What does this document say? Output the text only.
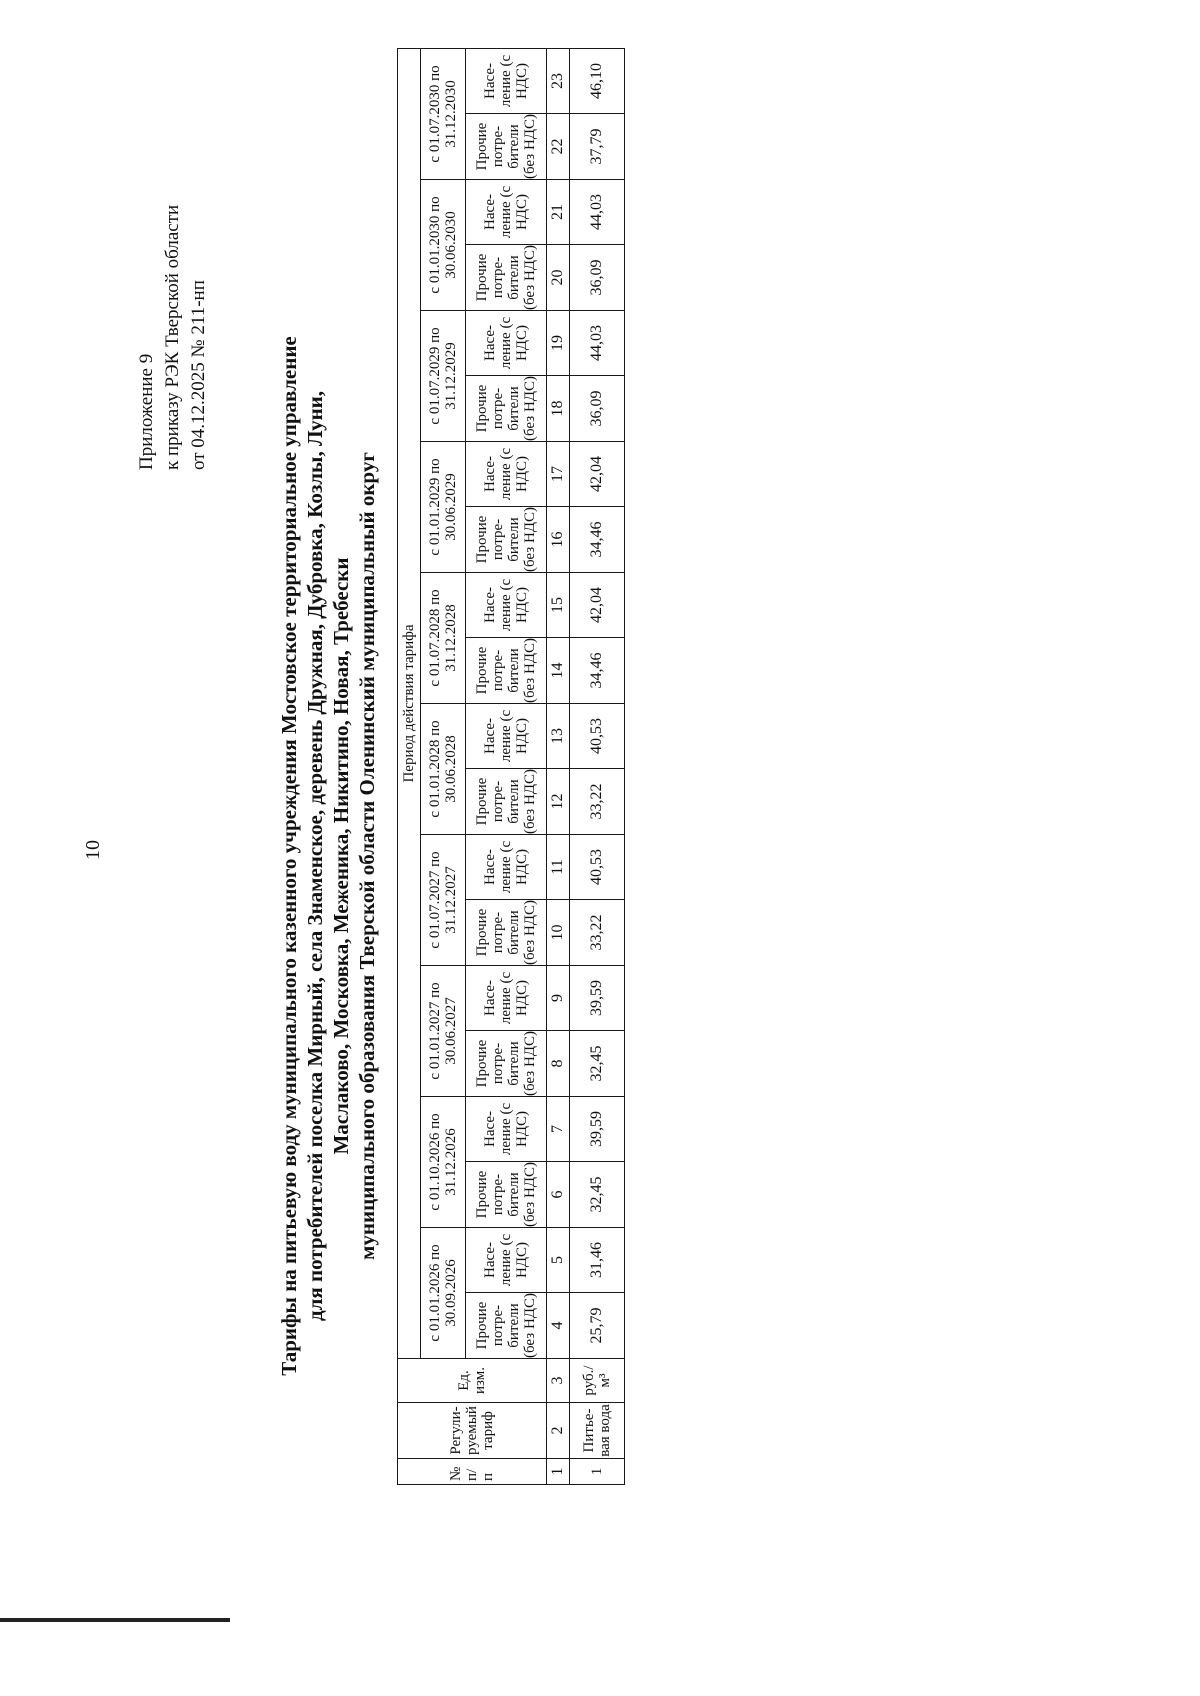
10
Приложение 9 к приказу РЭК Тверской области от 04.12.2025 № 211-нп	Тарифы на питьевую воду муниципального казенного учреждения Мостовское территориальное управление для потребителей поселка Мирный, села Знаменское, деревень Дружная, Дубровка, Козлы, Луни, Маслаково, Московка, Меженика, Никитино, Новая, Требески муниципального образования Тверской области Оленинский муниципальный округ
№ п/ п	Регули-руемый тариф	Ед. изм.	Период действия тарифа																			
			с 01.01.2026 по 30.09.2026		с 01.10.2026 по 31.12.2026		с 01.01.2027 по 30.06.2027		с 01.07.2027 по 31.12.2027		с 01.01.2028 по 30.06.2028		с 01.07.2028 по 31.12.2028		с 01.01.2029 по 30.06.2029		с 01.07.2029 по 31.12.2029		с 01.01.2030 по 30.06.2030		с 01.07.2030 по 31.12.2030	
			Прочие потре-бители (без НДС)	Насе-ление (с НДС)	Прочие потре-бители (без НДС)	Насе-ление (с НДС)	Прочие потре-бители (без НДС)	Насе-ление (с НДС)	Прочие потре-бители (без НДС)	Насе-ление (с НДС)	Прочие потре-бители (без НДС)	Насе-ление (с НДС)	Прочие потре-бители (без НДС)	Насе-ление (с НДС)	Прочие потре-бители (без НДС)	Насе-ление (с НДС)	Прочие потре-бители (без НДС)	Насе-ление (с НДС)	Прочие потре-бители (без НДС)	Насе-ление (с НДС)	Прочие потре-бители (без НДС)	Насе-ление (с НДС)
1	2	3	4	5	6	7	8	9	10	11	12	13	14	15	16	17	18	19	20	21	22	23
1	Питье-вая вода	руб./ м³	25,79	31,46	32,45	39,59	32,45	39,59	33,22	40,53	33,22	40,53	34,46	42,04	34,46	42,04	36,09	44,03	36,09	44,03	37,79	46,10
